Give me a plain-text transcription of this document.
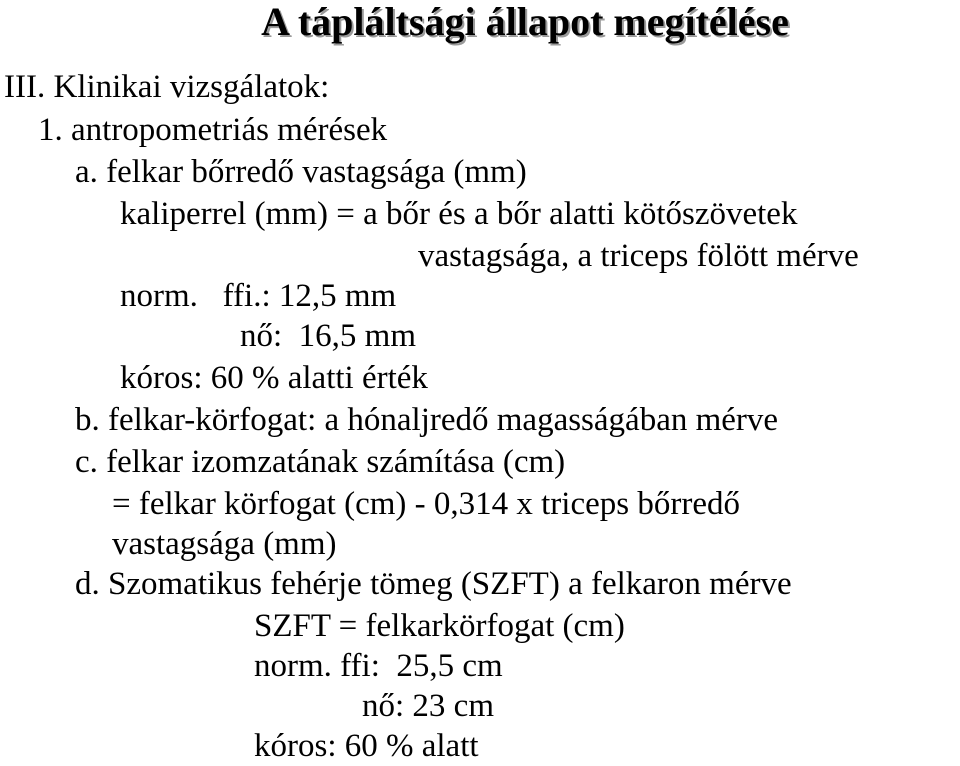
A tápláltsági állapot megítélése
III. Klinikai vizsgálatok:
1. antropometriás mérések
a. felkar bőrredő vastagsága (mm)
kaliperrel (mm) = a bőr és a bőr alatti kötőszövetek
vastagsága, a triceps fölött mérve
norm.   ffi.: 12,5 mm
nő:  16,5 mm
kóros: 60 % alatti érték
b. felkar-körfogat: a hónaljredő magasságában mérve
c. felkar izomzatának számítása (cm)
= felkar körfogat (cm) - 0,314 x triceps bőrredő
vastagsága (mm)
d. Szomatikus fehérje tömeg (SZFT) a felkaron mérve
SZFT = felkarkörfogat (cm)
norm. ffi:  25,5 cm
nő: 23 cm
kóros: 60 % alatt
